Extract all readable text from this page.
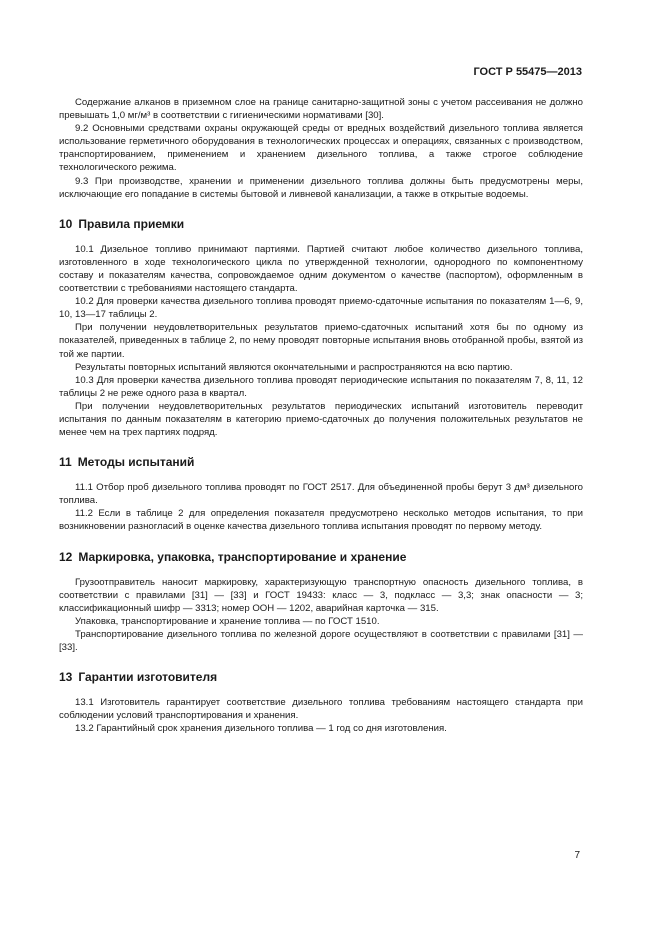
ГОСТ Р 55475—2013

Содержание алканов в приземном слое на границе санитарно-защитной зоны с учетом рассеивания не должно превышать 1,0 мг/м³ в соответствии с гигиеническими нормативами [30].

9.2 Основными средствами охраны окружающей среды от вредных воздействий дизельного топлива является использование герметичного оборудования в технологических процессах и операциях, связанных с производством, транспортированием, применением и хранением дизельного топлива, а также строгое соблюдение технологического режима.

9.3 При производстве, хранении и применении дизельного топлива должны быть предусмотрены меры, исключающие его попадание в системы бытовой и ливневой канализации, а также в открытые водоемы.

10 Правила приемки

10.1 Дизельное топливо принимают партиями. Партией считают любое количество дизельного топлива, изготовленного в ходе технологического цикла по утвержденной технологии, однородного по компонентному составу и показателям качества, сопровождаемое одним документом о качестве (паспортом), оформленным в соответствии с требованиями настоящего стандарта.

10.2 Для проверки качества дизельного топлива проводят приемо-сдаточные испытания по показателям 1—6, 9, 10, 13—17 таблицы 2.

При получении неудовлетворительных результатов приемо-сдаточных испытаний хотя бы по одному из показателей, приведенных в таблице 2, по нему проводят повторные испытания вновь отобранной пробы, взятой из той же партии.

Результаты повторных испытаний являются окончательными и распространяются на всю партию.

10.3 Для проверки качества дизельного топлива проводят периодические испытания по показателям 7, 8, 11, 12 таблицы 2 не реже одного раза в квартал.

При получении неудовлетворительных результатов периодических испытаний изготовитель переводит испытания по данным показателям в категорию приемо-сдаточных до получения положительных результатов не менее чем на трех партиях подряд.

11 Методы испытаний

11.1 Отбор проб дизельного топлива проводят по ГОСТ 2517. Для объединенной пробы берут 3 дм³ дизельного топлива.

11.2 Если в таблице 2 для определения показателя предусмотрено несколько методов испытания, то при возникновении разногласий в оценке качества дизельного топлива испытания проводят по первому методу.

12 Маркировка, упаковка, транспортирование и хранение

Грузоотправитель наносит маркировку, характеризующую транспортную опасность дизельного топлива, в соответствии с правилами [31] — [33] и ГОСТ 19433: класс — 3, подкласс — 3,3; знак опасности — 3; классификационный шифр — 3313; номер ООН — 1202, аварийная карточка — 315.

Упаковка, транспортирование и хранение топлива — по ГОСТ 1510.

Транспортирование дизельного топлива по железной дороге осуществляют в соответствии с правилами [31] —[33].

13 Гарантии изготовителя

13.1 Изготовитель гарантирует соответствие дизельного топлива требованиям настоящего стандарта при соблюдении условий транспортирования и хранения.

13.2 Гарантийный срок хранения дизельного топлива — 1 год со дня изготовления.

7
